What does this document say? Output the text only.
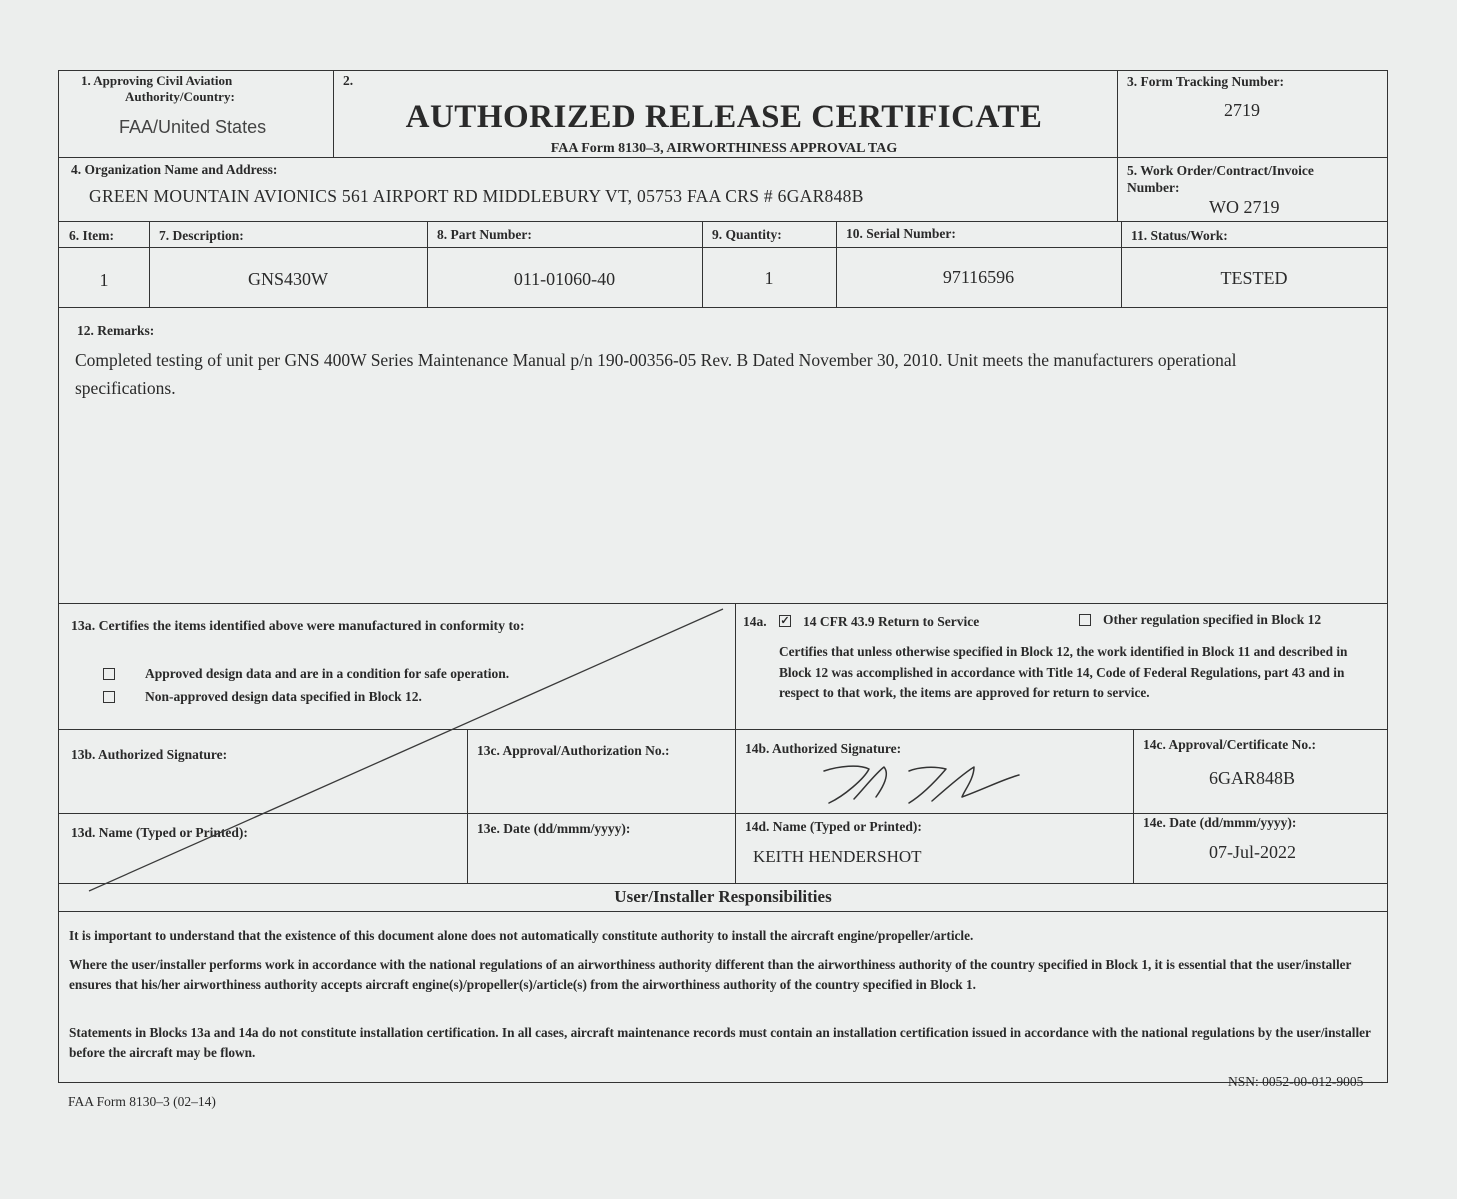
1. Approving Civil Aviation
Authority/Country:
FAA/United States
2.
AUTHORIZED RELEASE CERTIFICATE
FAA Form 8130–3, AIRWORTHINESS APPROVAL TAG
3. Form Tracking Number:
2719
4. Organization Name and Address:
GREEN MOUNTAIN AVIONICS 561 AIRPORT RD MIDDLEBURY VT, 05753 FAA CRS # 6GAR848B
5. Work Order/Contract/Invoice
Number:
WO 2719
6. Item:	7. Description:	8. Part Number:	9. Quantity:	10. Serial Number:	11. Status/Work:
1	GNS430W	011-01060-40	1	97116596	TESTED
12. Remarks:
Completed testing of unit per GNS 400W Series Maintenance Manual p/n 190-00356-05 Rev. B Dated November 30, 2010. Unit meets the manufacturers operational specifications.
13a. Certifies the items identified above were manufactured in conformity to:
Approved design data and are in a condition for safe operation.
Non-approved design data specified in Block 12.
14a. ✓ 14 CFR 43.9 Return to Service	Other regulation specified in Block 12
Certifies that unless otherwise specified in Block 12, the work identified in Block 11 and described in Block 12 was accomplished in accordance with Title 14, Code of Federal Regulations, part 43 and in respect to that work, the items are approved for return to service.
13b. Authorized Signature:	13c. Approval/Authorization No.:	14b. Authorized Signature:	14c. Approval/Certificate No.:
6GAR848B
13d. Name (Typed or Printed):	13e. Date (dd/mmm/yyyy):	14d. Name (Typed or Printed):
KEITH HENDERSHOT
14e. Date (dd/mmm/yyyy):
07-Jul-2022
User/Installer Responsibilities
It is important to understand that the existence of this document alone does not automatically constitute authority to install the aircraft engine/propeller/article.
Where the user/installer performs work in accordance with the national regulations of an airworthiness authority different than the airworthiness authority of the country specified in Block 1, it is essential that the user/installer ensures that his/her airworthiness authority accepts aircraft engine(s)/propeller(s)/article(s) from the airworthiness authority of the country specified in Block 1.
Statements in Blocks 13a and 14a do not constitute installation certification. In all cases, aircraft maintenance records must contain an installation certification issued in accordance with the national regulations by the user/installer before the aircraft may be flown.
FAA Form 8130–3 (02–14)
NSN: 0052-00-012-9005
